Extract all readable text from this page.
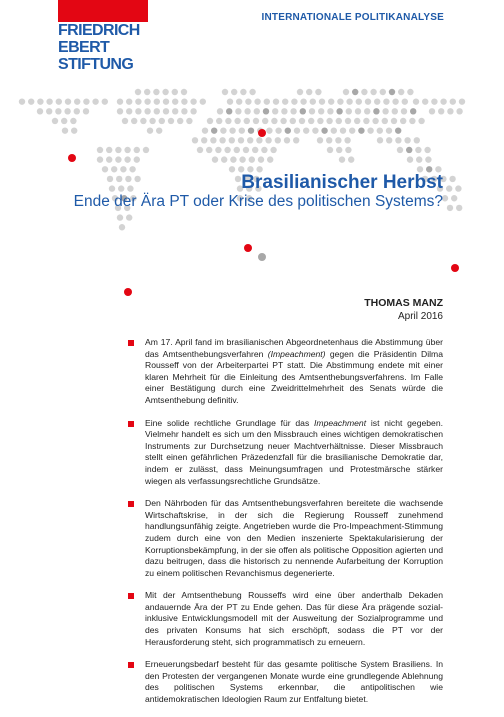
FRIEDRICH
EBERT
STIFTUNG
INTERNATIONALE POLITIKANALYSE
Brasilianischer Herbst
Ende der Ära PT oder Krise des politischen Systems?
THOMAS MANZ
April 2016
Am 17. April fand im brasilianischen Abgeordnetenhaus die Abstimmung über das Amtsenthebungsverfahren (Impeachment) gegen die Präsidentin Dilma Rousseff von der Arbeiterpartei PT statt. Die Abstimmung endete mit einer klaren Mehrheit für die Einleitung des Amtsenthebungsverfahrens. Im Falle einer Bestätigung durch eine Zweidrittelmehrheit des Senats würde die Amtsenthebung definitiv.
Eine solide rechtliche Grundlage für das Impeachment ist nicht gegeben. Vielmehr handelt es sich um den Missbrauch eines wichtigen demokratischen Instruments zur Durchsetzung neuer Machtverhältnisse. Dieser Missbrauch stellt einen gefährlichen Präzedenzfall für die brasilianische Demokratie dar, indem er zulässt, dass Meinungsumfragen und Protestmärsche stärker wiegen als verfassungsrechtliche Grundsätze.
Den Nährboden für das Amtsenthebungsverfahren bereitete die wachsende Wirtschaftskrise, in der sich die Regierung Rousseff zunehmend handlungsunfähig zeigte. Angetrieben wurde die Pro-Impeachment-Stimmung zudem durch eine von den Medien inszenierte Spektakularisierung der Korruptionsbekämpfung, in der sie offen als politische Opposition agierten und dazu beitrugen, dass die historisch zu nennende Aufarbeitung der Korruption zu einem politischen Revanchismus degenerierte.
Mit der Amtsenthebung Rousseffs wird eine über anderthalb Dekaden andauernde Ära der PT zu Ende gehen. Das für diese Ära prägende sozial-inklusive Entwicklungsmodell mit der Ausweitung der Sozialprogramme und des privaten Konsums hat sich erschöpft, sodass die PT vor der Herausforderung steht, sich programmatisch zu erneuern.
Erneuerungsbedarf besteht für das gesamte politische System Brasiliens. In den Protesten der vergangenen Monate wurde eine grundlegende Ablehnung des politischen Systems erkennbar, die antipolitischen wie antidemokratischen Ideologien Raum zur Entfaltung bietet.
